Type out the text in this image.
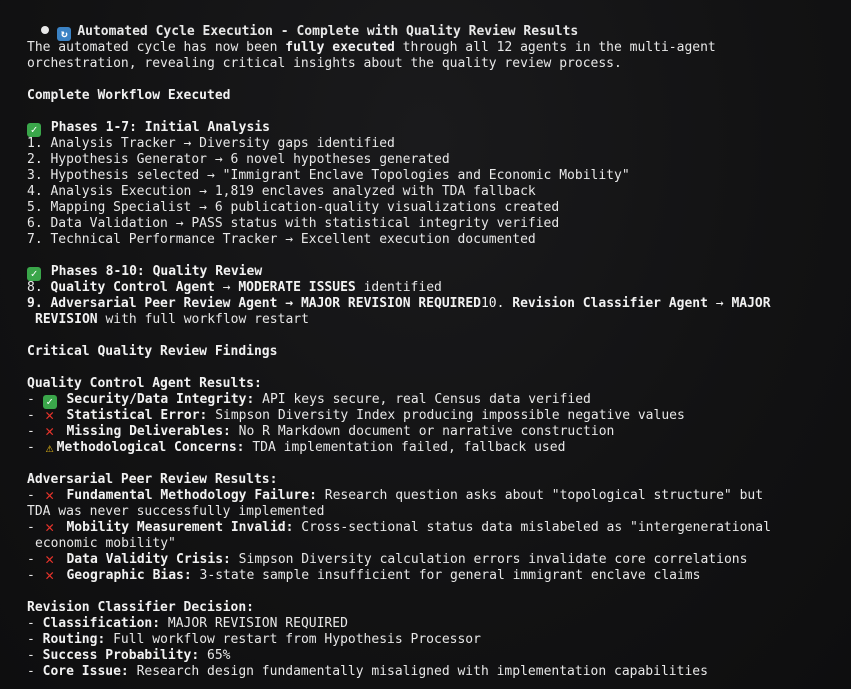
↻ Automated Cycle Execution - Complete with Quality Review Results

The automated cycle has now been fully executed through all 12 agents in the multi-agent
orchestration, revealing critical insights about the quality review process.
Complete Workflow Executed
✓ Phases 1-7: Initial Analysis
1. Analysis Tracker → Diversity gaps identified
2. Hypothesis Generator → 6 novel hypotheses generated
3. Hypothesis selected → "Immigrant Enclave Topologies and Economic Mobility"
4. Analysis Execution → 1,819 enclaves analyzed with TDA fallback
5. Mapping Specialist → 6 publication-quality visualizations created
6. Data Validation → PASS status with statistical integrity verified
7. Technical Performance Tracker → Excellent execution documented
✓ Phases 8-10: Quality Review
8. Quality Control Agent → MODERATE ISSUES identified
9. Adversarial Peer Review Agent → MAJOR REVISION REQUIRED10. Revision Classifier Agent → MAJOR
REVISION with full workflow restart
Critical Quality Review Findings
Quality Control Agent Results:
- ✓ Security/Data Integrity: API keys secure, real Census data verified
- ✕ Statistical Error: Simpson Diversity Index producing impossible negative values
- ✕ Missing Deliverables: No R Markdown document or narrative construction
- ⚠ Methodological Concerns: TDA implementation failed, fallback used
Adversarial Peer Review Results:
- ✕ Fundamental Methodology Failure: Research question asks about "topological structure" but
TDA was never successfully implemented
- ✕ Mobility Measurement Invalid: Cross-sectional status data mislabeled as "intergenerational
economic mobility"
- ✕ Data Validity Crisis: Simpson Diversity calculation errors invalidate core correlations
- ✕ Geographic Bias: 3-state sample insufficient for general immigrant enclave claims
Revision Classifier Decision:
- Classification: MAJOR REVISION REQUIRED
- Routing: Full workflow restart from Hypothesis Processor
- Success Probability: 65%
- Core Issue: Research design fundamentally misaligned with implementation capabilities
